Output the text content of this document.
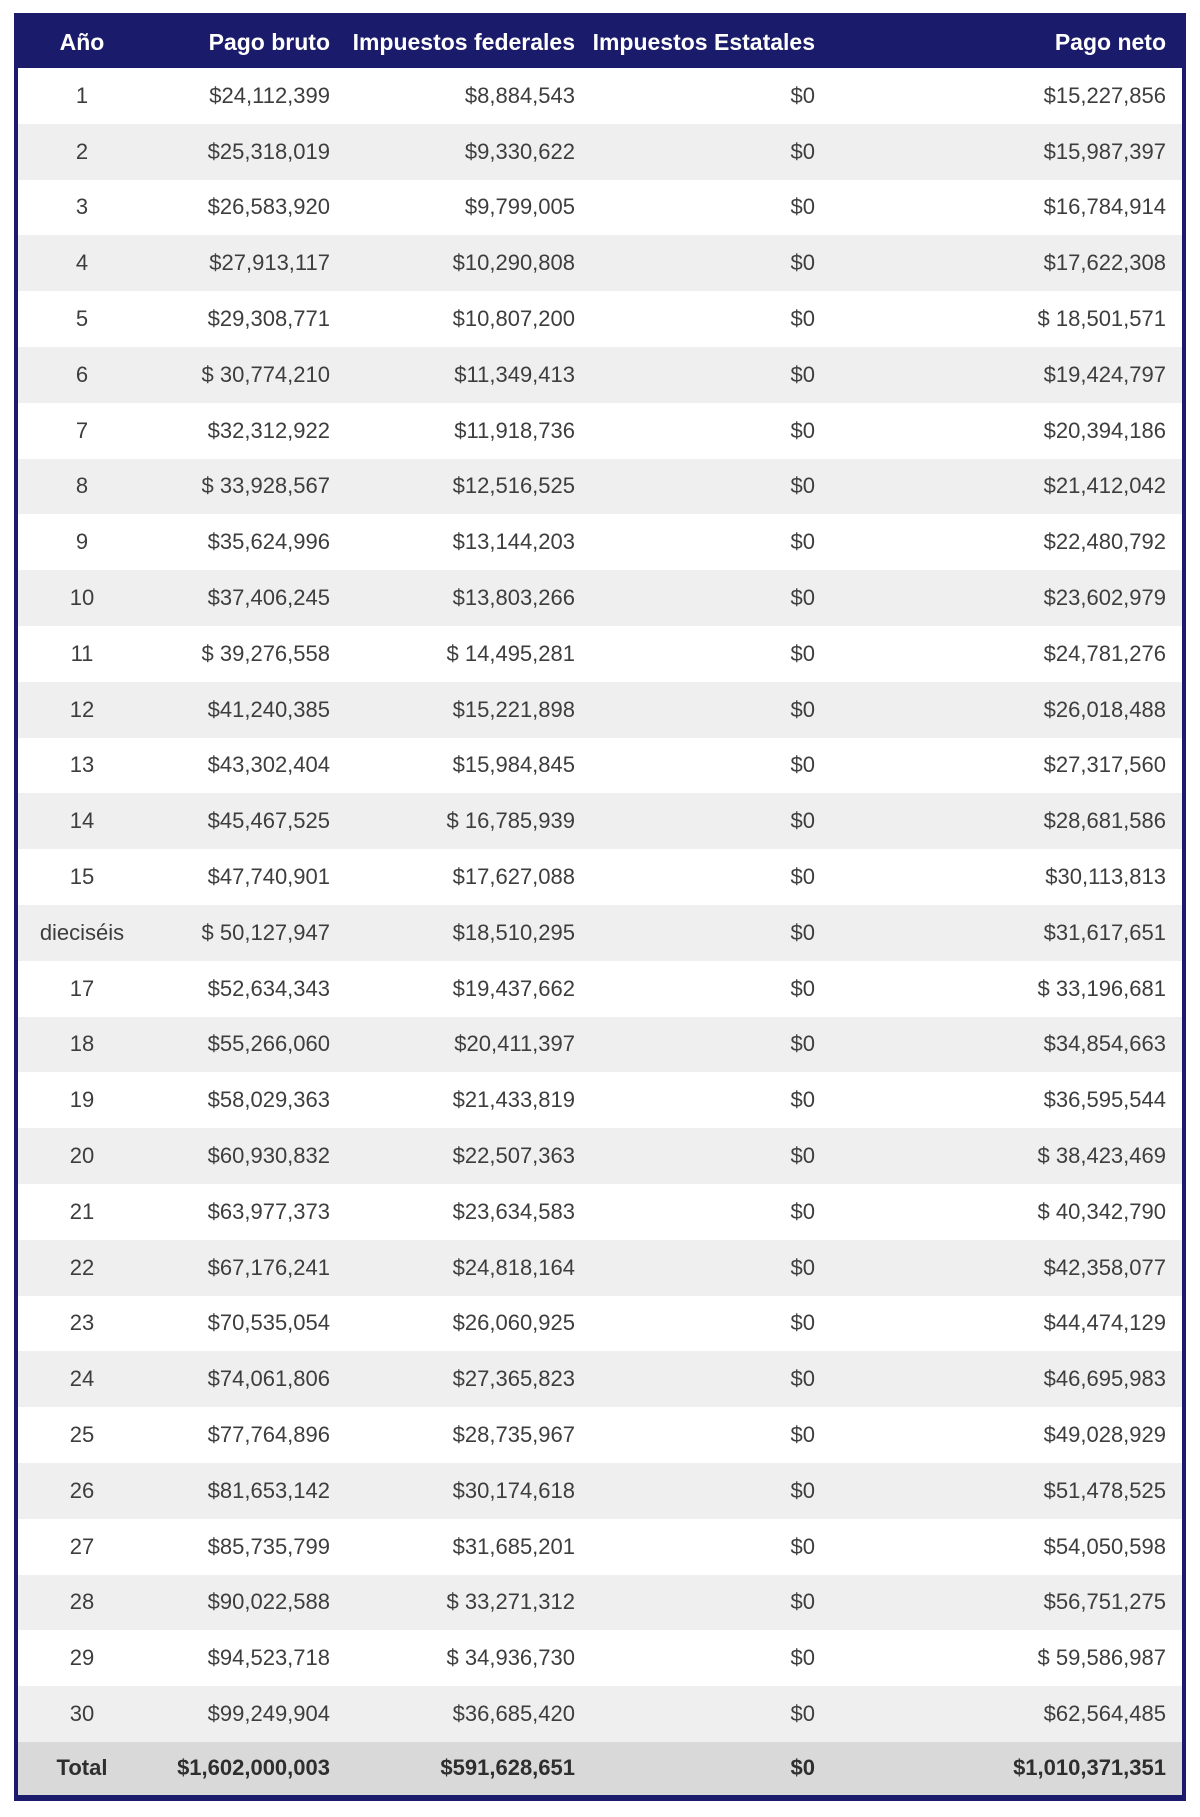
Año	Pago bruto	Impuestos federales	Impuestos Estatales	Pago neto
1	$24,112,399	$8,884,543	$0	$15,227,856
2	$25,318,019	$9,330,622	$0	$15,987,397
3	$26,583,920	$9,799,005	$0	$16,784,914
4	$27,913,117	$10,290,808	$0	$17,622,308
5	$29,308,771	$10,807,200	$0	$ 18,501,571
6	$ 30,774,210	$11,349,413	$0	$19,424,797
7	$32,312,922	$11,918,736	$0	$20,394,186
8	$ 33,928,567	$12,516,525	$0	$21,412,042
9	$35,624,996	$13,144,203	$0	$22,480,792
10	$37,406,245	$13,803,266	$0	$23,602,979
11	$ 39,276,558	$ 14,495,281	$0	$24,781,276
12	$41,240,385	$15,221,898	$0	$26,018,488
13	$43,302,404	$15,984,845	$0	$27,317,560
14	$45,467,525	$ 16,785,939	$0	$28,681,586
15	$47,740,901	$17,627,088	$0	$30,113,813
dieciséis	$ 50,127,947	$18,510,295	$0	$31,617,651
17	$52,634,343	$19,437,662	$0	$ 33,196,681
18	$55,266,060	$20,411,397	$0	$34,854,663
19	$58,029,363	$21,433,819	$0	$36,595,544
20	$60,930,832	$22,507,363	$0	$ 38,423,469
21	$63,977,373	$23,634,583	$0	$ 40,342,790
22	$67,176,241	$24,818,164	$0	$42,358,077
23	$70,535,054	$26,060,925	$0	$44,474,129
24	$74,061,806	$27,365,823	$0	$46,695,983
25	$77,764,896	$28,735,967	$0	$49,028,929
26	$81,653,142	$30,174,618	$0	$51,478,525
27	$85,735,799	$31,685,201	$0	$54,050,598
28	$90,022,588	$ 33,271,312	$0	$56,751,275
29	$94,523,718	$ 34,936,730	$0	$ 59,586,987
30	$99,249,904	$36,685,420	$0	$62,564,485
Total	$1,602,000,003	$591,628,651	$0	$1,010,371,351
